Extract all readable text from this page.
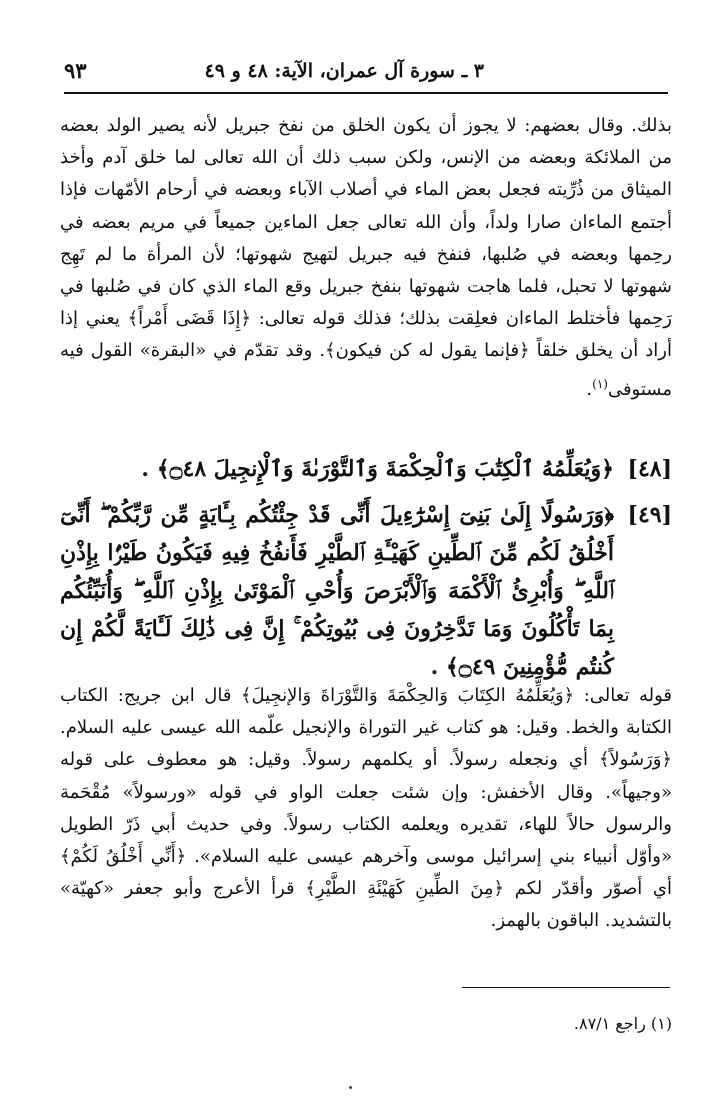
٣ ـ سورة آل عمران، الآية: ٤٨ و ٤٩
٩٣

بذلك. وقال بعضهم: لا يجوز أن يكون الخلق من نفخ جبريل لأنه يصير الولد بعضه من الملائكة وبعضه من الإنس، ولكن سبب ذلك أن الله تعالى لما خلق آدم وأخذ الميثاق من ذُرِّيته فجعل بعض الماء في أصلاب الآباء وبعضه في أرحام الأمّهات فإذا أجتمع الماءان صارا ولداً، وأن الله تعالى جعل الماءين جميعاً في مريم بعضه في رحِمها وبعضه في صُلبها، فنفخ فيه جبريل لتهيج شهوتها؛ لأن المرأة ما لم تَهِج شهوتها لا تحبل، فلما هاجت شهوتها بنفخ جبريل وقع الماء الذي كان في صُلبها في رَحِمها فأختلط الماءان فعلِقت بذلك؛ فذلك قوله تعالى: ﴿إِذَا قَضَى أَمْراً﴾ يعني إذا أراد أن يخلق خلقاً ﴿فإنما يقول له كن فيكون﴾. وقد تقدّم في «البقرة» القول فيه مستوفى$^{(١)}$.

[٤٨]
﴿وَيُعَلِّمُهُ ٱلْكِتَٰبَ وَٱلْحِكْمَةَ وَٱلتَّوْرَىٰةَ وَٱلْإِنجِيلَ ۝٤٨﴾ .
[٤٩]
﴿وَرَسُولًا إِلَىٰ بَنِىٓ إِسْرَٰٓءِيلَ أَنِّى قَدْ جِئْتُكُم بِـَٔايَةٍ مِّن رَّبِّكُمْ ۖ أَنِّىٓ أَخْلُقُ لَكُم مِّنَ ٱلطِّينِ كَهَيْـَٔةِ ٱلطَّيْرِ فَأَنفُخُ فِيهِ فَيَكُونُ طَيْرًۢا بِإِذْنِ ٱللَّهِ ۖ وَأُبْرِئُ ٱلْأَكْمَهَ وَٱلْأَبْرَصَ وَأُحْىِ ٱلْمَوْتَىٰ بِإِذْنِ ٱللَّهِ ۖ وَأُنَبِّئُكُم بِمَا تَأْكُلُونَ وَمَا تَدَّخِرُونَ فِى بُيُوتِكُمْ ۚ إِنَّ فِى ذَٰلِكَ لَـَٔايَةً لَّكُمْ إِن كُنتُم مُّؤْمِنِينَ ۝٤٩﴾ .

قوله تعالى: ﴿وَيُعَلِّمُهُ الكِتَابَ وَالحِكْمَةَ وَالتَّوْرَاةَ وَالإنجِيلَ﴾ قال ابن جريج: الكتاب الكتابة والخط. وقيل: هو كتاب غير التوراة والإنجيل علّمه الله عيسى عليه السلام. ﴿وَرَسُولاً﴾ أي ونجعله رسولاً. أو يكلمهم رسولاً. وقيل: هو معطوف على قوله «وجيهاً». وقال الأخفش: وإن شئت جعلت الواو في قوله «ورسولاً» مُقْحَمة والرسول حالاً للهاء، تقديره ويعلمه الكتاب رسولاً. وفي حديث أبي ذَرّ الطويل «وأوّل أنبياء بني إسرائيل موسى وآخرهم عيسى عليه السلام». ﴿أَنِّي أَخْلُقُ لَكُمْ﴾ أي أصوّر وأقدّر لكم ﴿مِنَ الطِّينِ كَهَيْئَةِ الطَّيْرِ﴾ قرأ الأعرج وأبو جعفر «كهيّة» بالتشديد. الباقون بالهمز.

(١) راجع ٨٧/١.
